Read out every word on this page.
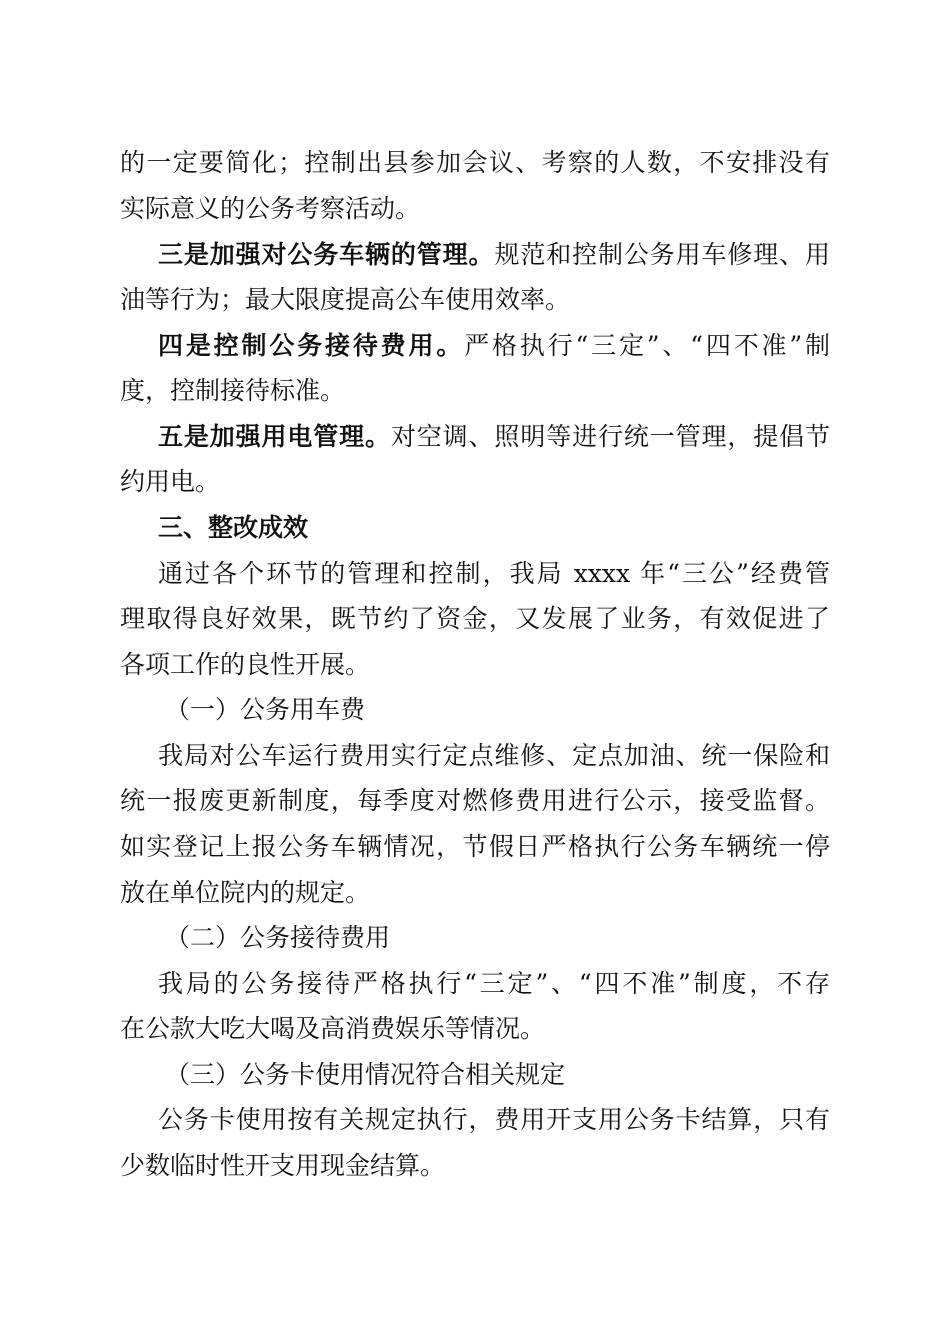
的一定要简化；控制出县参加会议、考察的人数，不安排没有
实际意义的公务考察活动。
三是加强对公务车辆的管理。规范和控制公务用车修理、用
油等行为；最大限度提高公车使用效率。
四是控制公务接待费用。严格执行“三定”、“四不准”制
度，控制接待标准。
五是加强用电管理。对空调、照明等进行统一管理，提倡节
约用电。
三、整改成效
通过各个环节的管理和控制，我局 xxxx 年“三公”经费管
理取得良好效果，既节约了资金，又发展了业务，有效促进了
各项工作的良性开展。
（一）公务用车费
我局对公车运行费用实行定点维修、定点加油、统一保险和
统一报废更新制度，每季度对燃修费用进行公示，接受监督。
如实登记上报公务车辆情况，节假日严格执行公务车辆统一停
放在单位院内的规定。
（二）公务接待费用
我局的公务接待严格执行“三定”、“四不准”制度，不存
在公款大吃大喝及高消费娱乐等情况。
（三）公务卡使用情况符合相关规定
公务卡使用按有关规定执行，费用开支用公务卡结算，只有
少数临时性开支用现金结算。
